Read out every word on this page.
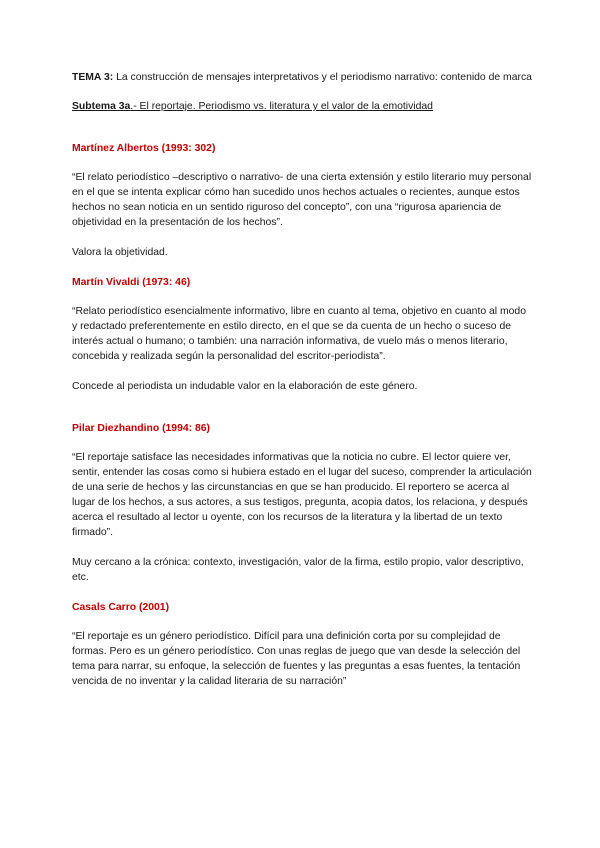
TEMA 3: La construcción de mensajes interpretativos y el periodismo narrativo: contenido de marca

Subtema 3a.- El reportaje. Periodismo vs. literatura y el valor de la emotividad

Martínez Albertos (1993: 302)

“El relato periodístico –descriptivo o narrativo- de una cierta extensión y estilo literario muy personal en el que se intenta explicar cómo han sucedido unos hechos actuales o recientes, aunque estos hechos no sean noticia en un sentido riguroso del concepto”, con una “rigurosa apariencia de objetividad en la presentación de los hechos”.

Valora la objetividad.

Martín Vivaldi (1973: 46)

“Relato periodístico esencialmente informativo, libre en cuanto al tema, objetivo en cuanto al modo y redactado preferentemente en estilo directo, en el que se da cuenta de un hecho o suceso de interés actual o humano; o también: una narración informativa, de vuelo más o menos literario, concebida y realizada según la personalidad del escritor-periodista”.

Concede al periodista un indudable valor en la elaboración de este género.

Pilar Diezhandino (1994: 86)

“El reportaje satisface las necesidades informativas que la noticia no cubre. El lector quiere ver, sentir, entender las cosas como si hubiera estado en el lugar del suceso, comprender la articulación de una serie de hechos y las circunstancias en que se han producido. El reportero se acerca al lugar de los hechos, a sus actores, a sus testigos, pregunta, acopia datos, los relaciona, y después acerca el resultado al lector u oyente, con los recursos de la literatura y la libertad de un texto firmado”.

Muy cercano a la crónica: contexto, investigación, valor de la firma, estilo propio, valor descriptivo, etc.

Casals Carro (2001)

“El reportaje es un género periodístico. Difícil para una definición corta por su complejidad de formas. Pero es un género periodístico. Con unas reglas de juego que van desde la selección del tema para narrar, su enfoque, la selección de fuentes y las preguntas a esas fuentes, la tentación vencida de no inventar y la calidad literaria de su narración”
